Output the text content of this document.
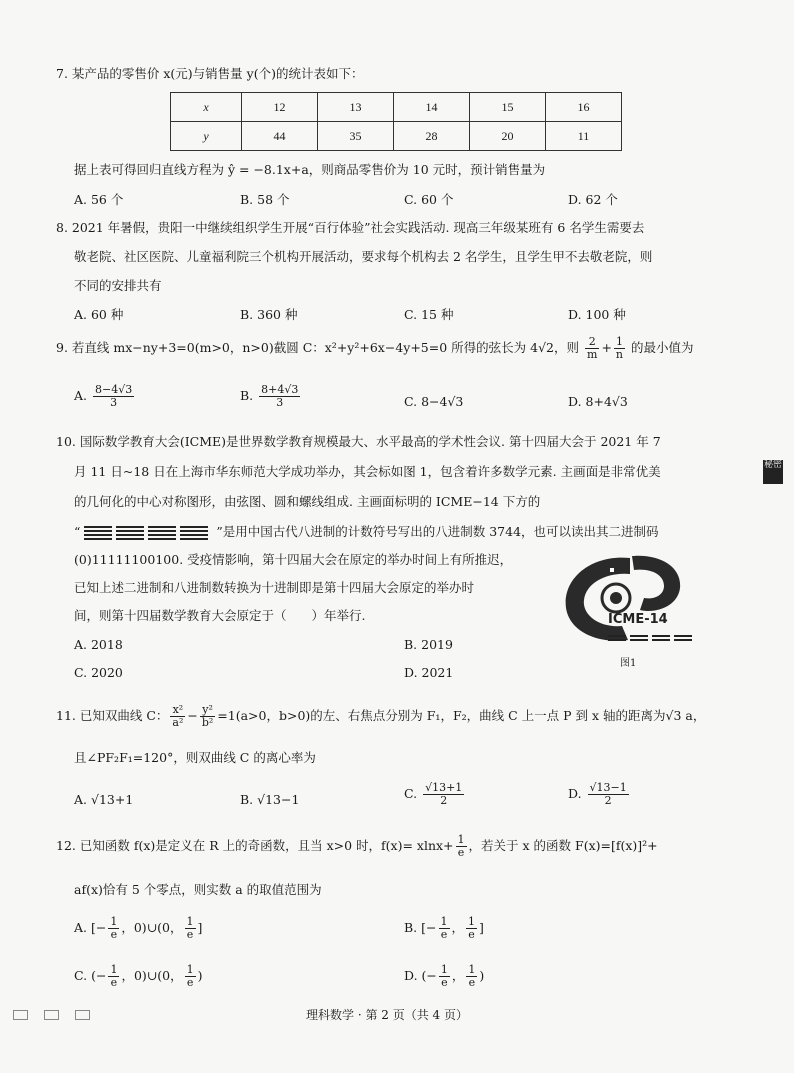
7. 某产品的零售价 x(元)与销售量 y(个)的统计表如下：
x	12	13	14	15	16
y	44	35	28	20	11
据上表可得回归直线方程为 ŷ = −8.1x+a，则商品零售价为 10 元时，预计销售量为
A. 56 个	B. 58 个	C. 60 个	D. 62 个
8. 2021 年暑假，贵阳一中继续组织学生开展“百行体验”社会实践活动. 现高三年级某班有 6 名学生需要去
敬老院、社区医院、儿童福利院三个机构开展活动，要求每个机构去 2 名学生，且学生甲不去敬老院，则
不同的安排共有
A. 60 种	B. 360 种	C. 15 种	D. 100 种
9. 若直线 mx−ny+3=0(m>0，n>0)截圆 C：x²+y²+6x−4y+5=0 所得的弦长为 4√2，则 $\frac{2}{m} + \frac{1}{n}$ 的最小值为
A. $\frac{8-4√3}{3}$	B. $\frac{8+4√3}{3}$	C. 8−4√3	D. 8+4√3
10. 国际数学教育大会(ICME)是世界数学教育规模最大、水平最高的学术性会议. 第十四届大会于 2021 年 7
月 11 日~18 日在上海市华东师范大学成功举办，其会标如图 1，包含着许多数学元素. 主画面是非常优美
的几何化的中心对称图形，由弦图、圆和螺线组成. 主画面标明的 ICME−14 下方的
“	”是用中国古代八进制的计数符号写出的八进制数 3744，也可以读出其二进制码
(0)11111100100. 受疫情影响，第十四届大会在原定的举办时间上有所推迟，
已知上述二进制和八进制数转换为十进制即是第十四届大会原定的举办时
间，则第十四届数学教育大会原定于（　　）年举行.
A. 2018	B. 2019
C. 2020	D. 2021
ICME-14
图1
11. 已知双曲线 C： $\frac{\text{x²}}{\text{a²}} - \frac{\text{y²}}{\text{b²}} =1(a>0$，b>0)的左、右焦点分别为 F₁，F₂，曲线 C 上一点 P 到 x 轴的距离为√3 a，
且∠PF₂F₁=120°，则双曲线 C 的离心率为
A. √13+1	B. √13−1	C. $\frac{√13+1}{2}$	D. $\frac{√13-1}{2}$
12. 已知函数 f(x)是定义在 R 上的奇函数，且当 x>0 时，$f(x)= xlnx+ \frac{1}{e}$ ，若关于 x 的函数 F(x)=[f(x)]²+
af(x)恰有 5 个零点，则实数 a 的取值范围为
A. [− $\frac{1}{e}$ ，0)∪(0， $\frac{1}{e}$ ]	B. [− $\frac{1}{e}$ ， $\frac{1}{e}$ ]
C. (− $\frac{1}{e}$ ，0)∪(0， $\frac{1}{e}$ )	D. (− $\frac{1}{e}$ ， $\frac{1}{e}$ )
秘密
理科数学 · 第 2 页（共 4 页）
